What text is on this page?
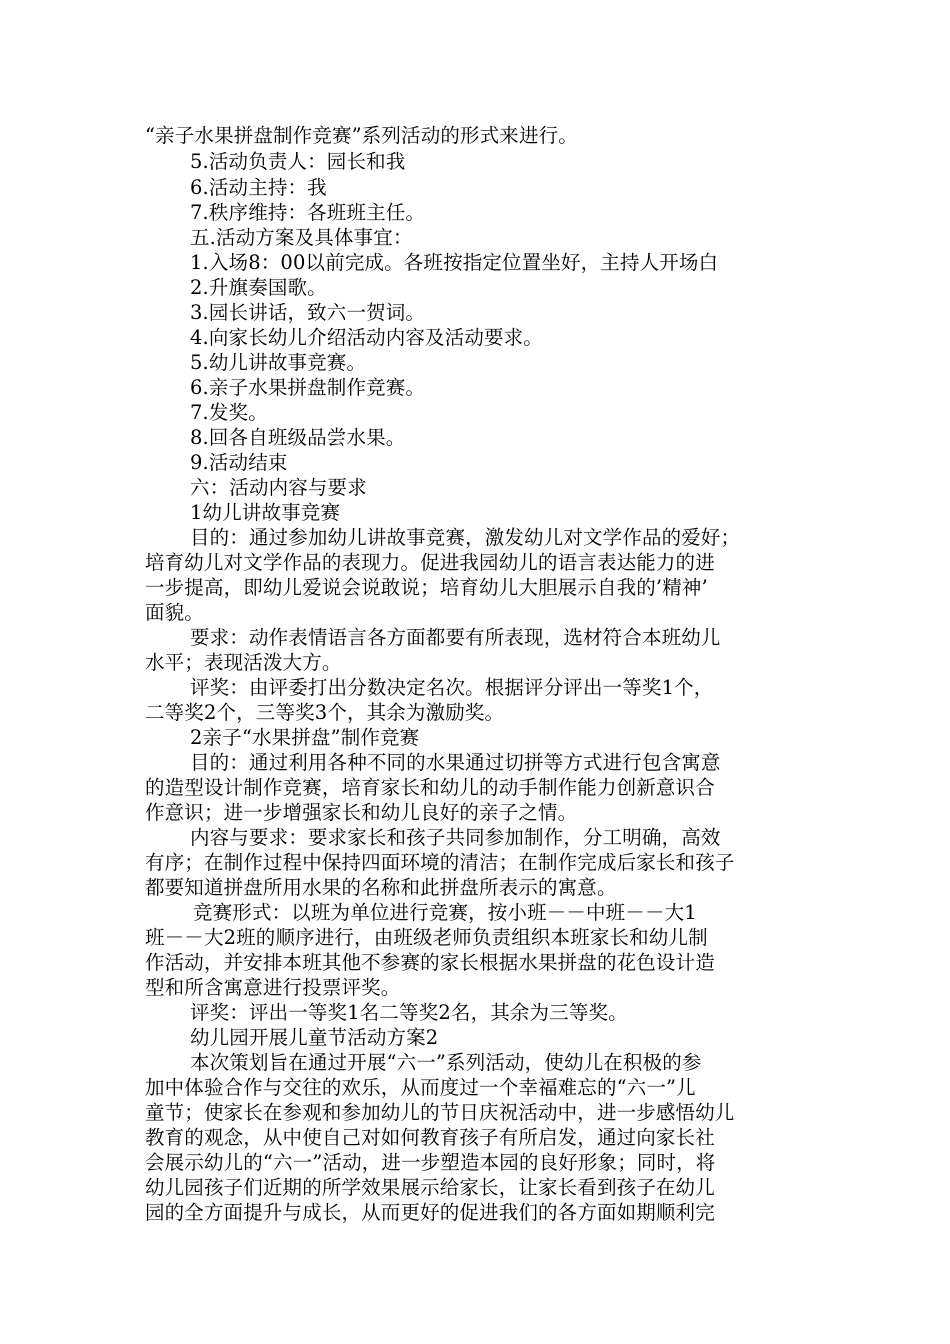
“亲子水果拼盘制作竞赛”系列活动的形式来进行。
5.活动负责人：园长和我
6.活动主持：我
7.秩序维持：各班班主任。
五.活动方案及具体事宜：
1.入场8：00以前完成。各班按指定位置坐好，主持人开场白
2.升旗奏国歌。
3.园长讲话，致六一贺词。
4.向家长幼儿介绍活动内容及活动要求。
5.幼儿讲故事竞赛。
6.亲子水果拼盘制作竞赛。
7.发奖。
8.回各自班级品尝水果。
9.活动结束
六：活动内容与要求
1幼儿讲故事竞赛
目的：通过参加幼儿讲故事竞赛，激发幼儿对文学作品的爱好；
培育幼儿对文学作品的表现力。促进我园幼儿的语言表达能力的进
一步提高，即幼儿爱说会说敢说；培育幼儿大胆展示自我的’精神’
面貌。
要求：动作表情语言各方面都要有所表现，选材符合本班幼儿
水平；表现活泼大方。
评奖：由评委打出分数决定名次。根据评分评出一等奖1个，
二等奖2个，三等奖3个，其余为激励奖。
2亲子“水果拼盘”制作竞赛
目的：通过利用各种不同的水果通过切拼等方式进行包含寓意
的造型设计制作竞赛，培育家长和幼儿的动手制作能力创新意识合
作意识；进一步增强家长和幼儿良好的亲子之情。
内容与要求：要求家长和孩子共同参加制作，分工明确，高效
有序；在制作过程中保持四面环境的清洁；在制作完成后家长和孩子
都要知道拼盘所用水果的名称和此拼盘所表示的寓意。
竞赛形式：以班为单位进行竞赛，按小班－－中班－－大1
班－－大2班的顺序进行，由班级老师负责组织本班家长和幼儿制
作活动，并安排本班其他不参赛的家长根据水果拼盘的花色设计造
型和所含寓意进行投票评奖。
评奖：评出一等奖1名二等奖2名，其余为三等奖。
幼儿园开展儿童节活动方案2
本次策划旨在通过开展“六一”系列活动，使幼儿在积极的参
加中体验合作与交往的欢乐，从而度过一个幸福难忘的“六一”儿
童节；使家长在参观和参加幼儿的节日庆祝活动中，进一步感悟幼儿
教育的观念，从中使自己对如何教育孩子有所启发，通过向家长社
会展示幼儿的“六一”活动，进一步塑造本园的良好形象；同时，将
幼儿园孩子们近期的所学效果展示给家长，让家长看到孩子在幼儿
园的全方面提升与成长，从而更好的促进我们的各方面如期顺利完
